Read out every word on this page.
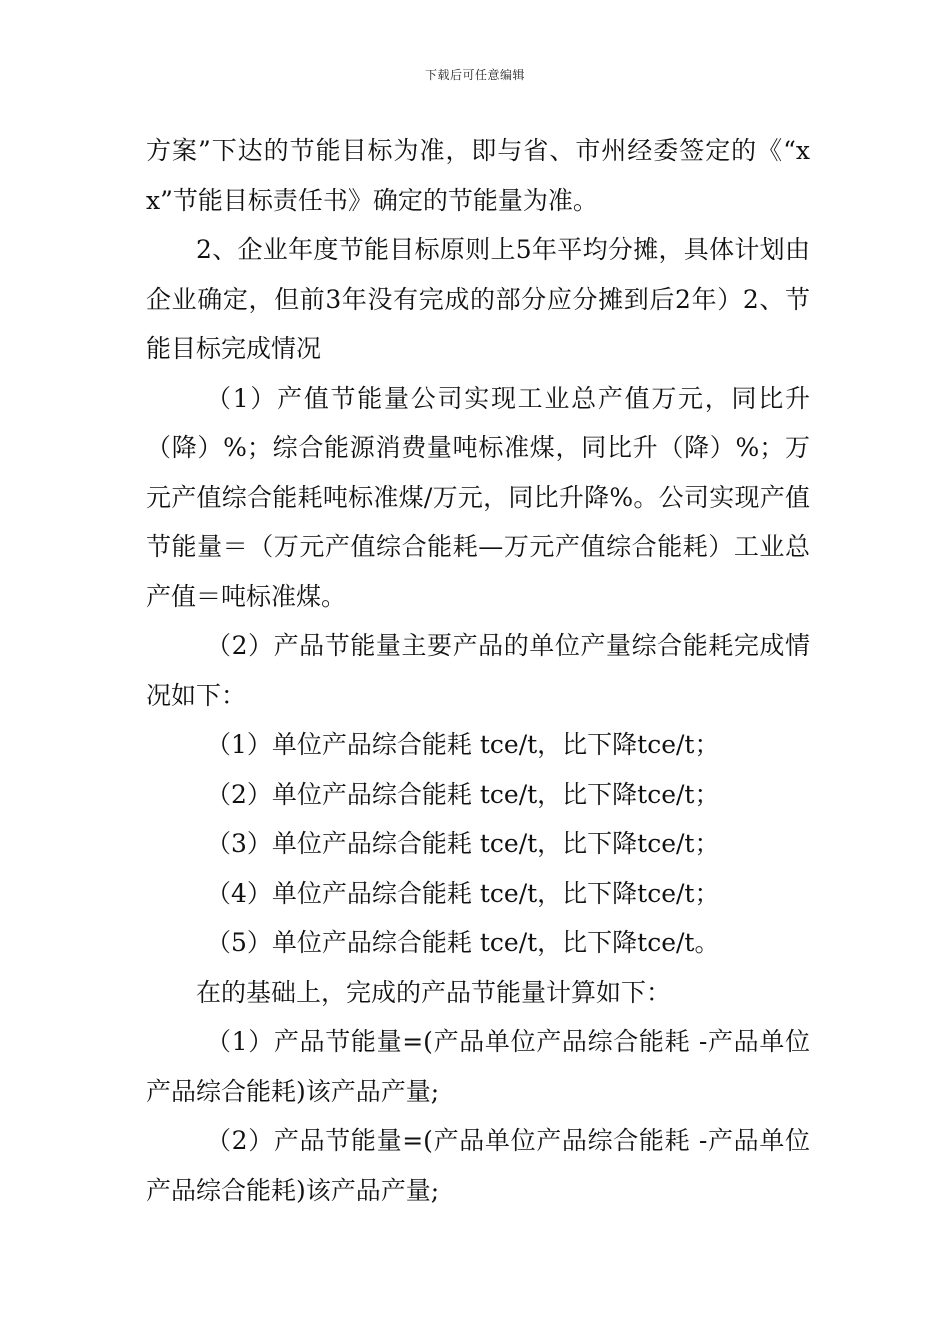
下载后可任意编辑

方案”下达的节能目标为准，即与省、市州经委签定的《“xx”节能目标责任书》确定的节能量为准。

2、企业年度节能目标原则上5年平均分摊，具体计划由企业确定，但前3年没有完成的部分应分摊到后2年）2、节能目标完成情况

（1）产值节能量公司实现工业总产值万元，同比升（降）%；综合能源消费量吨标准煤，同比升（降）%；万元产值综合能耗吨标准煤/万元，同比升降%。公司实现产值节能量＝（万元产值综合能耗—万元产值综合能耗）工业总产值＝吨标准煤。

（2）产品节能量主要产品的单位产量综合能耗完成情况如下：

（1）单位产品综合能耗 tce/t，比下降tce/t；

（2）单位产品综合能耗 tce/t，比下降tce/t；

（3）单位产品综合能耗 tce/t，比下降tce/t；

（4）单位产品综合能耗 tce/t，比下降tce/t；

（5）单位产品综合能耗 tce/t，比下降tce/t。

在的基础上，完成的产品节能量计算如下：

（1）产品节能量=(产品单位产品综合能耗 -产品单位产品综合能耗)该产品产量;

（2）产品节能量=(产品单位产品综合能耗 -产品单位产品综合能耗)该产品产量;
